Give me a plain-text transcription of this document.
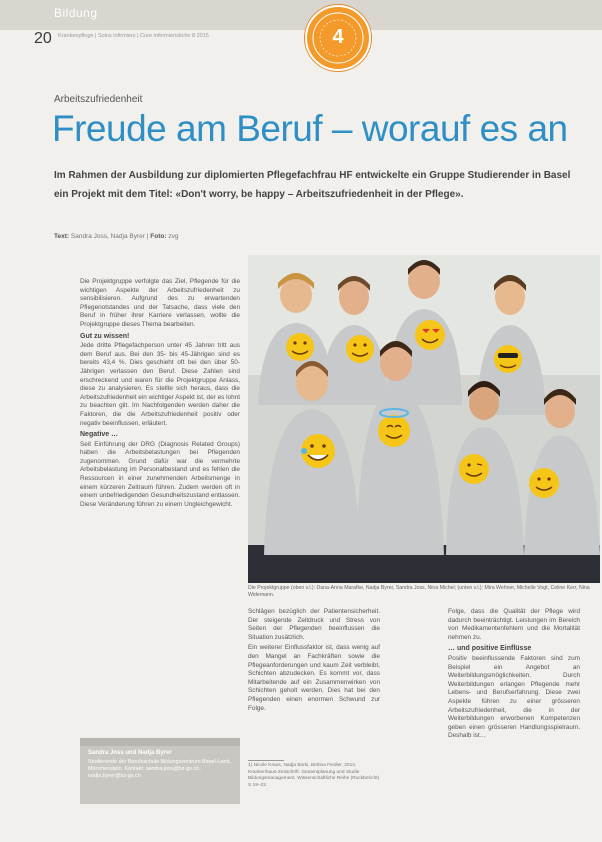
Bildung
20 Krankenpflege | Soins infirmiers | Cure infermieristiche 8 2015	4
Arbeitszufriedenheit
Freude am Beruf – worauf es an
Im Rahmen der Ausbildung zur diplomierten Pflegefachfrau HF entwickelte ein Gruppe Studierender in Basel ein Projekt mit dem Titel: «Don't worry, be happy – Arbeitszufriedenheit in der Pflege».
Text: Sandra Joss, Nadja Byrer | Foto: zvg

Die Projektgruppe verfolgte das Ziel, Pflegende für die wichtigen Aspekte der Arbeitszufriedenheit zu sensibilisieren. Aufgrund des zu erwartenden Pflegenotstandes und der Tatsache, dass viele den Beruf in früher ihrer Karriere verlassen, wollte die Projektgruppe dieses Thema bearbeiten.

Gut zu wissen!

Jede dritte Pflegefachperson unter 45 Jahren tritt aus dem Beruf aus. Bei den 35- bis 45-Jährigen sind es bereits 43,4 %. Dies geschieht oft bei den über 50-Jährigen verlassen den Beruf. Diese Zahlen sind erschreckend und waren für die Projektgruppe Anlass, diese zu analysieren. Es stellte sich heraus, dass die Arbeitszufriedenheit ein wichtiger Aspekt ist, der es lohnt zu beachten gilt. Im Nachfolgenden werden daher die Faktoren, die die Arbeitszufriedenheit positiv oder negativ beeinflussen, erläutert.

Negative …

Seit Einführung der DRG (Diagnosis Related Groups) haben die Arbeitsbelastungen bei Pflegenden zugenommen. Grund dafür war die vermehrte Arbeitsbelastung im Personalbestand und es fehlen die Ressourcen in einer zunehmenden Arbeitsmenge in einem kürzeren Zeitraum führen. Zudem werden oft in einem unbefriedigenden Gesundheitszustand entlassen. Diese Veränderung führen zu einem Ungleichgewicht.

Die Projektgruppe (oben v.l.): Dana-Anna Marafke, Nadja Byrer, Sandra Joss, Nina Michel; (unten v.l.): Mira Wehner, Michelle Vogt, Celine Kerr, Nina Widemann.

Schlägen bezüglich der Patientensicherheit. Der steigende Zeitdruck und Stress von Seiten der Pflegenden beeinflussen die Situation zusätzlich.

Ein weiterer Einflussfaktor ist, dass wenig auf den Mangel an Fachkräften sowie die Pflegeanforderungen und kaum Zeit verbleibt, Schichten abzudecken. Es kommt vor, dass Mitarbeitende auf ein Zusammenwirken von Schichten geholt werden. Dies hat bei den Pflegenden einen enormen Schwund zur Folge.

Folge, dass die Qualität der Pflege wird dadurch beeinträchtigt. Leistungen im Bereich von Medikamentenfehlern und die Mortalität nehmen zu.

… und positive Einflüsse

Positiv beeinflussende Faktoren sind zum Beispiel ein Angebot an Weiterbildungsmöglichkeiten. Durch Weiterbildungen erlangen Pflegende mehr Lebens- und Berufserfahrung. Diese zwei Aspekte führen zu einer grösseren Arbeitszufriedenheit, die in der Weiterbildungen erworbenen Kompetenzen geben einen grösseren Handlungsspielraum. Deshalb ist…

1) Nicole Kraus, Nadja Bürki, Bettina Fiedler, 2014. Krankenhaus-Zeitschrift. Gesamtplanung und Studie Bildungsmanagement. Wissenschaftliche Reihe (Ruckbericht) S 19–22.
Sandra Joss und Nadja Byrer
Studierende der Berufsschule Bildungszentrum Basel-Land, Münchenstein. Kontakt: sandra.joss@bz-gs.ch, nadja.byrer@bz-gs.ch
